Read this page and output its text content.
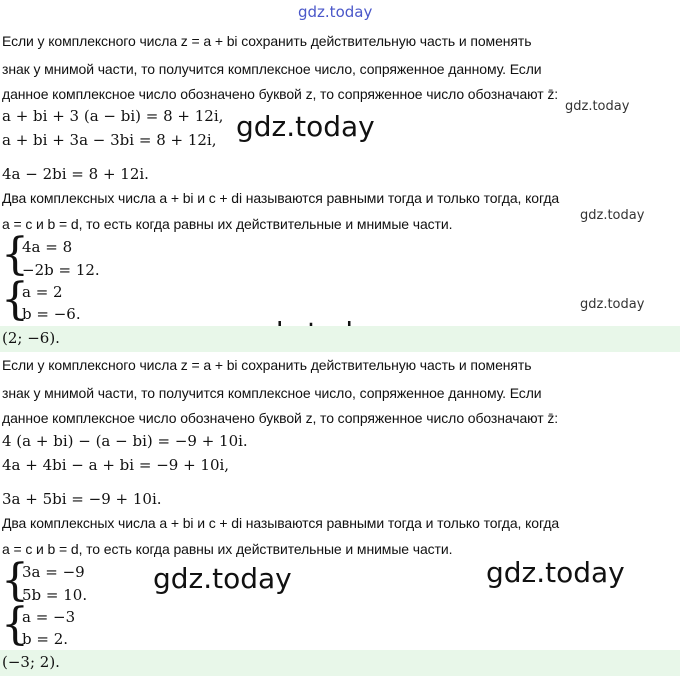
gdz.today
gdz.today
gdz.today
gdz.today
gdz.today
gdz.today	gdz.today
Если у комплексного числа z = a + bi сохранить действительную часть и поменять
знак у мнимой части, то получится комплексное число, сопряженное данному. Если
данное комплексное число обозначено буквой z, то сопряженное число обозначают z̄:
a + bi + 3 (a − bi) = 8 + 12i,
a + bi + 3a − 3bi = 8 + 12i,
4a − 2bi = 8 + 12i.
Два комплексных числа a + bi и c + di называются равными тогда и только тогда, когда
a = c и b = d, то есть когда равны их действительные и мнимые части.
{
4a = 8
−2b = 12.
{
a = 2
b = −6.
(2; −6).
Если у комплексного числа z = a + bi сохранить действительную часть и поменять
знак у мнимой части, то получится комплексное число, сопряженное данному. Если
данное комплексное число обозначено буквой z, то сопряженное число обозначают z̄:
4 (a + bi) − (a − bi) = −9 + 10i.
4a + 4bi − a + bi = −9 + 10i,
3a + 5bi = −9 + 10i.
Два комплексных числа a + bi и c + di называются равными тогда и только тогда, когда
a = c и b = d, то есть когда равны их действительные и мнимые части.
{
3a = −9
5b = 10.
{
a = −3
b = 2.
(−3; 2).
